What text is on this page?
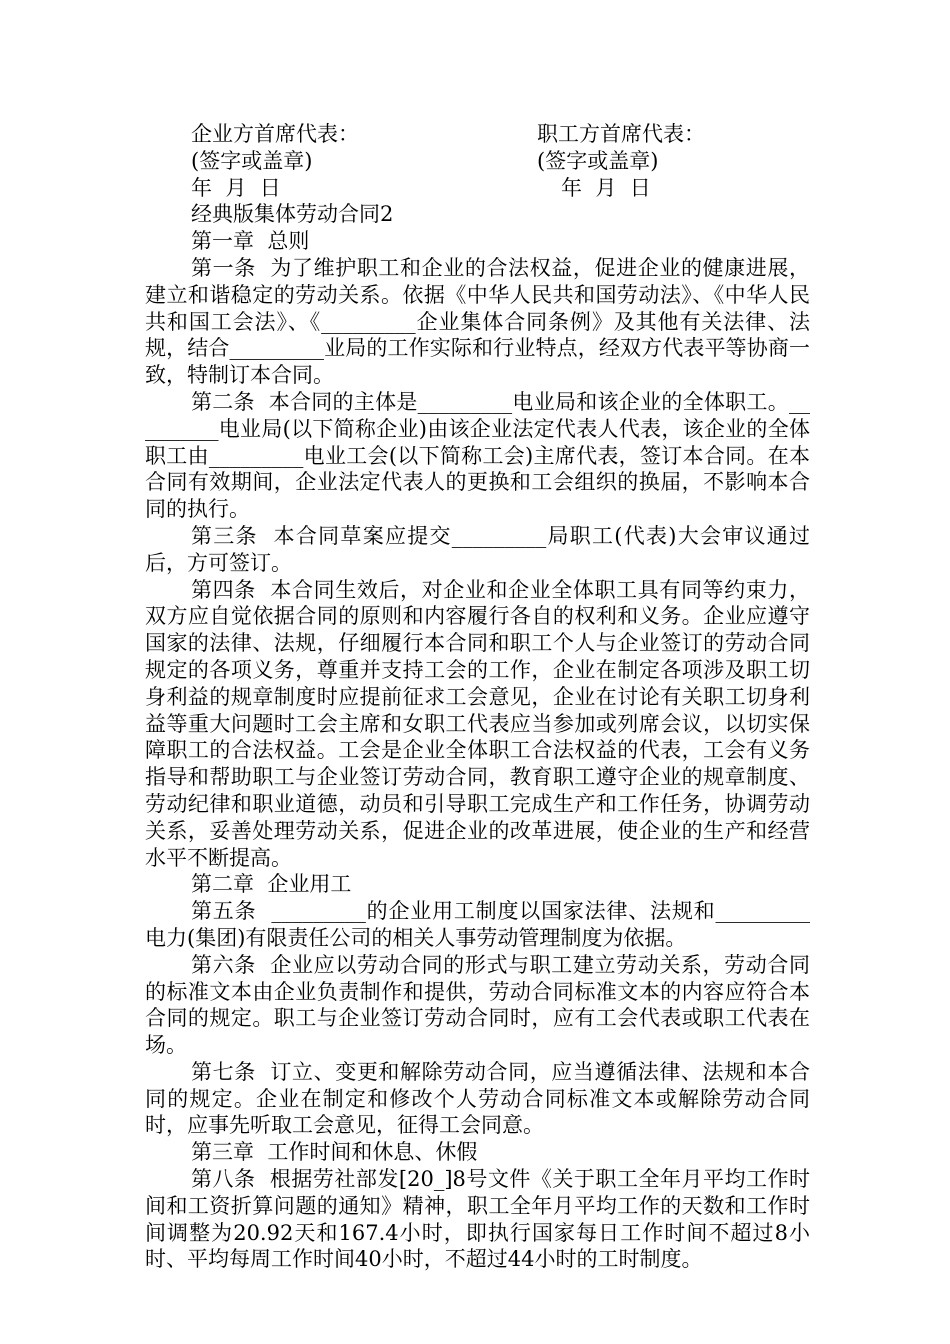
企业方首席代表：	职工方首席代表：
(签字或盖章)	(签字或盖章)
年  月  日	年  月  日
经典版集体劳动合同2
第一章  总则

第一条  为了维护职工和企业的合法权益，促进企业的健康进展，建立和谐稳定的劳动关系。依据《中华人民共和国劳动法》、《中华人民共和国工会法》、《_________企业集体合同条例》及其他有关法律、法规，结合_________业局的工作实际和行业特点，经双方代表平等协商一致，特制订本合同。

第二条  本合同的主体是_________电业局和该企业的全体职工。_________电业局(以下简称企业)由该企业法定代表人代表，该企业的全体职工由_________电业工会(以下简称工会)主席代表，签订本合同。在本合同有效期间，企业法定代表人的更换和工会组织的换届，不影响本合同的执行。

第三条  本合同草案应提交_________局职工(代表)大会审议通过后，方可签订。

第四条  本合同生效后，对企业和企业全体职工具有同等约束力，双方应自觉依据合同的原则和内容履行各自的权利和义务。企业应遵守国家的法律、法规，仔细履行本合同和职工个人与企业签订的劳动合同规定的各项义务，尊重并支持工会的工作，企业在制定各项涉及职工切身利益的规章制度时应提前征求工会意见，企业在讨论有关职工切身利益等重大问题时工会主席和女职工代表应当参加或列席会议，以切实保障职工的合法权益。工会是企业全体职工合法权益的代表，工会有义务指导和帮助职工与企业签订劳动合同，教育职工遵守企业的规章制度、劳动纪律和职业道德，动员和引导职工完成生产和工作任务，协调劳动关系，妥善处理劳动关系，促进企业的改革进展，使企业的生产和经营水平不断提高。

第二章  企业用工

第五条  _________的企业用工制度以国家法律、法规和_________电力(集团)有限责任公司的相关人事劳动管理制度为依据。

第六条  企业应以劳动合同的形式与职工建立劳动关系，劳动合同的标准文本由企业负责制作和提供，劳动合同标准文本的内容应符合本合同的规定。职工与企业签订劳动合同时，应有工会代表或职工代表在场。

第七条  订立、变更和解除劳动合同，应当遵循法律、法规和本合同的规定。企业在制定和修改个人劳动合同标准文本或解除劳动合同时，应事先听取工会意见，征得工会同意。

第三章  工作时间和休息、休假

第八条  根据劳社部发[20_]8号文件《关于职工全年月平均工作时间和工资折算问题的通知》精神，职工全年月平均工作的天数和工作时间调整为20.92天和167.4小时，即执行国家每日工作时间不超过8小时、平均每周工作时间40小时，不超过44小时的工时制度。
